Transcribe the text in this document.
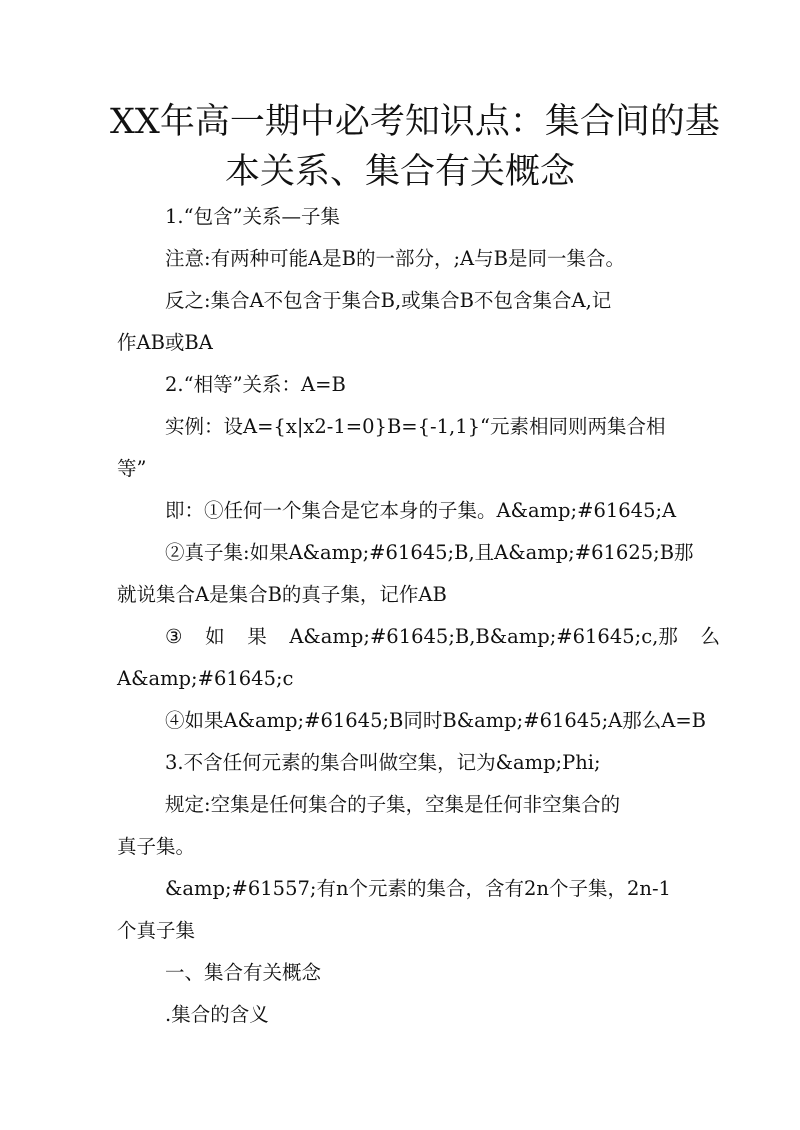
XX年高一期中必考知识点：集合间的基
本关系、集合有关概念

1.“包含”关系—子集

注意:有两种可能A是B的一部分，;A与B是同一集合。

反之:集合A不包含于集合B,或集合B不包含集合A,记

作AB或BA

2.“相等”关系：A=B

实例：设A={x|x2-1=0}B={-1,1}“元素相同则两集合相

等”

即：①任何一个集合是它本身的子集。A&amp;#61645;A

②真子集:如果A&amp;#61645;B,且A&amp;#61625;B那

就说集合A是集合B的真子集，记作AB

③ 如 果 A&amp;#61645;B,B&amp;#61645;c,那 么

A&amp;#61645;c

④如果A&amp;#61645;B同时B&amp;#61645;A那么A=B

3.不含任何元素的集合叫做空集，记为&amp;Phi;

规定:空集是任何集合的子集，空集是任何非空集合的

真子集。

&amp;#61557;有n个元素的集合，含有2n个子集，2n-1

个真子集

一、集合有关概念

.集合的含义
